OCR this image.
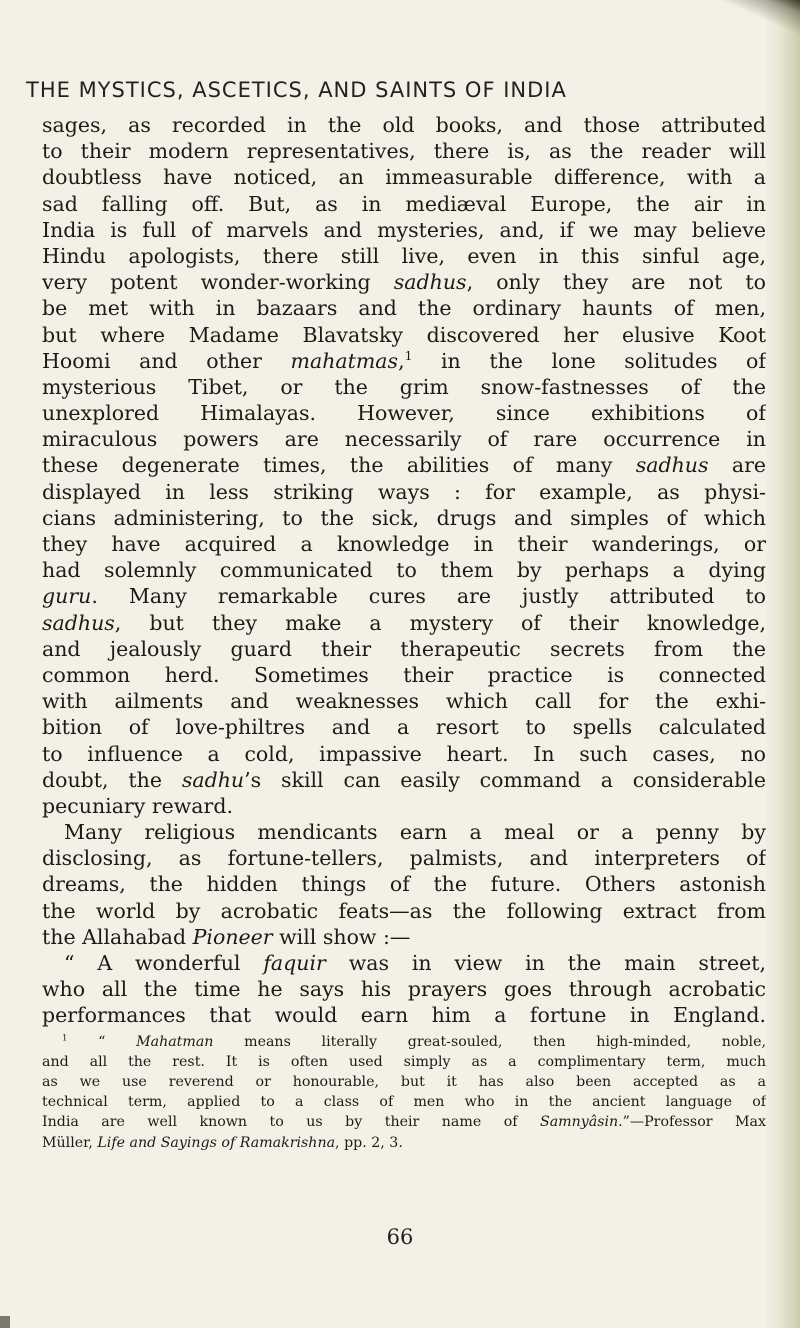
THE MYSTICS, ASCETICS, AND SAINTS OF INDIA
sages, as recorded in the old books, and those attributed
to their modern representatives, there is, as the reader will
doubtless have noticed, an immeasurable difference, with a
sad falling off. But, as in mediæval Europe, the air in
India is full of marvels and mysteries, and, if we may believe
Hindu apologists, there still live, even in this sinful age,
very potent wonder-working sadhus, only they are not to
be met with in bazaars and the ordinary haunts of men,
but where Madame Blavatsky discovered her elusive Koot
Hoomi and other mahatmas,$^1$ in the lone solitudes of
mysterious Tibet, or the grim snow-fastnesses of the
unexplored Himalayas. However, since exhibitions of
miraculous powers are necessarily of rare occurrence in
these degenerate times, the abilities of many sadhus are
displayed in less striking ways : for example, as physi-
cians administering, to the sick, drugs and simples of which
they have acquired a knowledge in their wanderings, or
had solemnly communicated to them by perhaps a dying
guru. Many remarkable cures are justly attributed to
sadhus, but they make a mystery of their knowledge,
and jealously guard their therapeutic secrets from the
common herd. Sometimes their practice is connected
with ailments and weaknesses which call for the exhi-
bition of love-philtres and a resort to spells calculated
to influence a cold, impassive heart. In such cases, no
doubt, the sadhu’s skill can easily command a considerable
pecuniary reward.
Many religious mendicants earn a meal or a penny by
disclosing, as fortune-tellers, palmists, and interpreters of
dreams, the hidden things of the future. Others astonish
the world by acrobatic feats—as the following extract from
the Allahabad Pioneer will show :—
“ A wonderful faquir was in view in the main street,
who all the time he says his prayers goes through acrobatic
performances that would earn him a fortune in England.
$^1$ “ Mahatman means literally great-souled, then high-minded, noble,
and all the rest. It is often used simply as a complimentary term, much
as we use reverend or honourable, but it has also been accepted as a
technical term, applied to a class of men who in the ancient language of
India are well known to us by their name of Samnyâsin.”—Professor Max
Müller, Life and Sayings of Ramakrishna, pp. 2, 3.
66
